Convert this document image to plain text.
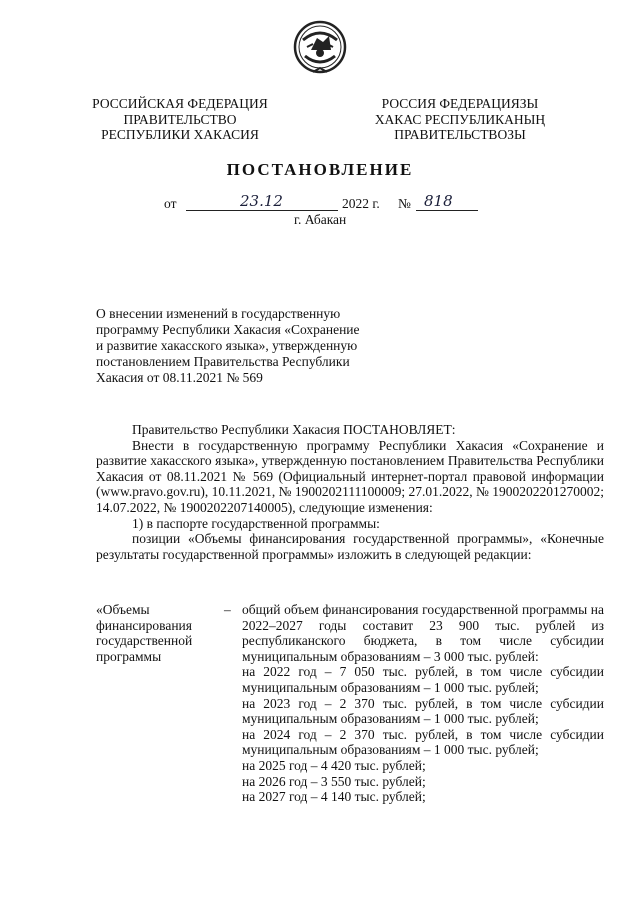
РОССИЙСКАЯ ФЕДЕРАЦИЯ
ПРАВИТЕЛЬСТВО
РЕСПУБЛИКИ ХАКАСИЯ
РОССИЯ ФЕДЕРАЦИЯЗЫ
ХАКАС РЕСПУБЛИКАНЫҢ
ПРАВИТЕЛЬСТВОЗЫ
ПОСТАНОВЛЕНИЕ
от	23.12	2022 г. № 818
г. Абакан
О внесении изменений в государственную
программу Республики Хакасия «Сохранение
и развитие хакасского языка», утвержденную
постановлением Правительства Республики
Хакасия от 08.11.2021 № 569

Правительство Республики Хакасия ПОСТАНОВЛЯЕТ:

Внести в государственную программу Республики Хакасия «Сохранение и развитие хакасского языка», утвержденную постановлением Правительства Республики Хакасия от 08.11.2021 № 569 (Официальный интернет-портал правовой информации (www.pravo.gov.ru), 10.11.2021, № 1900202111100009; 27.01.2022, № 1900202201270002; 14.07.2022, № 1900202207140005), следующие изменения:

1) в паспорте государственной программы:

позиции «Объемы финансирования государственной программы», «Конечные результаты государственной программы» изложить в следующей редакции:

«Объемы
финансирования
государственной
программы
– общий объем финансирования государственной программы на 2022–2027 годы составит 23 900 тыс. рублей из республиканского бюджета, в том числе субсидии муниципальным образованиям – 3 000 тыс. рублей:
на 2022 год – 7 050 тыс. рублей, в том числе субсидии муниципальным образованиям – 1 000 тыс. рублей;
на 2023 год – 2 370 тыс. рублей, в том числе субсидии муниципальным образованиям – 1 000 тыс. рублей;
на 2024 год – 2 370 тыс. рублей, в том числе субсидии муниципальным образованиям – 1 000 тыс. рублей;
на 2025 год – 4 420 тыс. рублей;
на 2026 год – 3 550 тыс. рублей;
на 2027 год – 4 140 тыс. рублей;
